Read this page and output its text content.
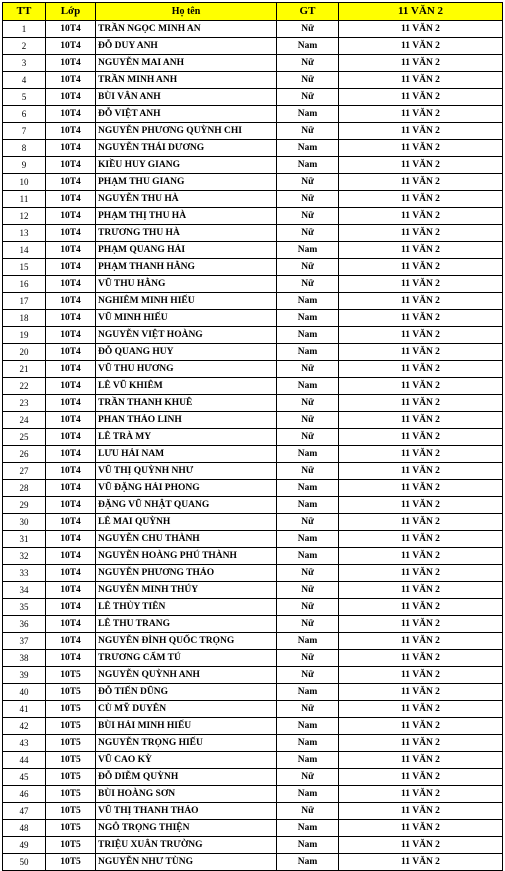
TT	Lớp	Họ tên	GT	11 VĂN 2
1	10T4	TRẦN NGỌC MINH AN	Nữ	11 VĂN 2
2	10T4	ĐỖ DUY ANH	Nam	11 VĂN 2
3	10T4	NGUYỄN MAI ANH	Nữ	11 VĂN 2
4	10T4	TRẦN MINH ANH	Nữ	11 VĂN 2
5	10T4	BÙI VÂN ANH	Nữ	11 VĂN 2
6	10T4	ĐỖ VIỆT ANH	Nam	11 VĂN 2
7	10T4	NGUYỄN PHƯƠNG QUỲNH CHI	Nữ	11 VĂN 2
8	10T4	NGUYỄN THÁI DƯƠNG	Nam	11 VĂN 2
9	10T4	KIỀU HUY GIANG	Nam	11 VĂN 2
10	10T4	PHẠM THU GIANG	Nữ	11 VĂN 2
11	10T4	NGUYỄN THU HÀ	Nữ	11 VĂN 2
12	10T4	PHẠM THỊ THU HÀ	Nữ	11 VĂN 2
13	10T4	TRƯƠNG THU HÀ	Nữ	11 VĂN 2
14	10T4	PHẠM QUANG HẢI	Nam	11 VĂN 2
15	10T4	PHẠM THANH HẰNG	Nữ	11 VĂN 2
16	10T4	VŨ THU HẰNG	Nữ	11 VĂN 2
17	10T4	NGHIÊM MINH HIẾU	Nam	11 VĂN 2
18	10T4	VŨ MINH HIẾU	Nam	11 VĂN 2
19	10T4	NGUYỄN VIỆT HOÀNG	Nam	11 VĂN 2
20	10T4	ĐỖ QUANG HUY	Nam	11 VĂN 2
21	10T4	VŨ THU HƯƠNG	Nữ	11 VĂN 2
22	10T4	LÊ VŨ KHIÊM	Nam	11 VĂN 2
23	10T4	TRẦN THANH KHUÊ	Nữ	11 VĂN 2
24	10T4	PHAN THẢO LINH	Nữ	11 VĂN 2
25	10T4	LÊ TRÀ MY	Nữ	11 VĂN 2
26	10T4	LƯU HẢI NAM	Nam	11 VĂN 2
27	10T4	VŨ THỊ QUỲNH NHƯ	Nữ	11 VĂN 2
28	10T4	VŨ ĐẶNG HẢI PHONG	Nam	11 VĂN 2
29	10T4	ĐẶNG VŨ NHẬT QUANG	Nam	11 VĂN 2
30	10T4	LÊ MAI QUỲNH	Nữ	11 VĂN 2
31	10T4	NGUYỄN CHU THÀNH	Nam	11 VĂN 2
32	10T4	NGUYỄN HOÀNG PHÚ THÀNH	Nam	11 VĂN 2
33	10T4	NGUYỄN PHƯƠNG THẢO	Nữ	11 VĂN 2
34	10T4	NGUYỄN MINH THÚY	Nữ	11 VĂN 2
35	10T4	LÊ THỦY TIÊN	Nữ	11 VĂN 2
36	10T4	LÊ THU TRANG	Nữ	11 VĂN 2
37	10T4	NGUYỄN ĐÌNH QUỐC TRỌNG	Nam	11 VĂN 2
38	10T4	TRƯƠNG CẨM TÚ	Nữ	11 VĂN 2
39	10T5	NGUYỄN QUỲNH ANH	Nữ	11 VĂN 2
40	10T5	ĐỖ TIẾN DŨNG	Nam	11 VĂN 2
41	10T5	CÙ MỸ DUYÊN	Nữ	11 VĂN 2
42	10T5	BÙI HẢI MINH HIẾU	Nam	11 VĂN 2
43	10T5	NGUYỄN TRỌNG HIẾU	Nam	11 VĂN 2
44	10T5	VŨ CAO KỲ	Nam	11 VĂN 2
45	10T5	ĐỖ DIỄM QUỲNH	Nữ	11 VĂN 2
46	10T5	BÙI HOÀNG SƠN	Nam	11 VĂN 2
47	10T5	VŨ THỊ THANH THẢO	Nữ	11 VĂN 2
48	10T5	NGÔ TRỌNG THIỆN	Nam	11 VĂN 2
49	10T5	TRIỆU XUÂN TRƯỜNG	Nam	11 VĂN 2
50	10T5	NGUYỄN NHƯ TÙNG	Nam	11 VĂN 2
